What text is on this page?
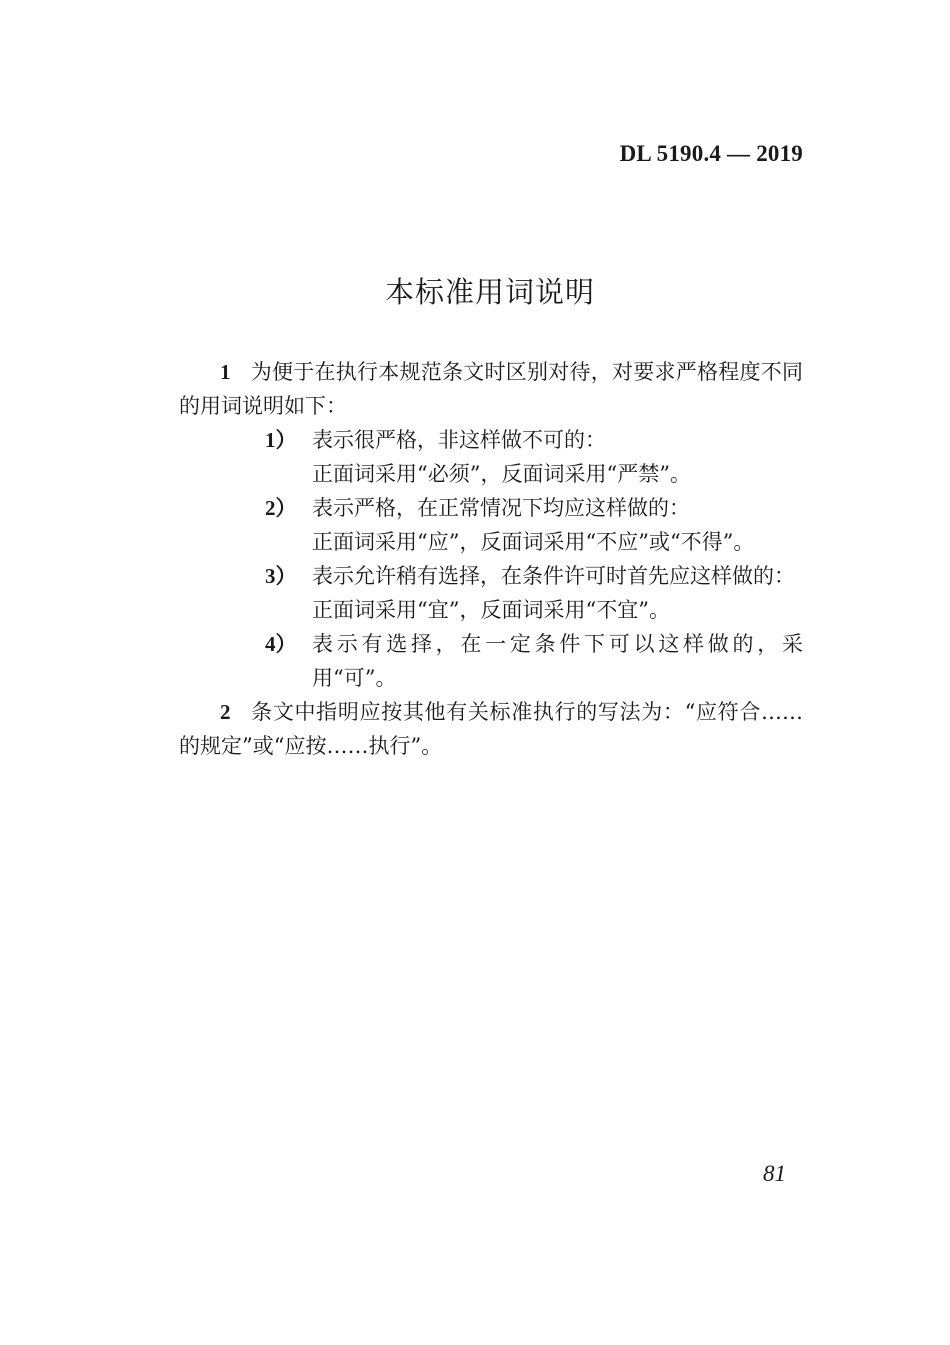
DL 5190.4 — 2019
本标准用词说明
1 为便于在执行本规范条文时区别对待，对要求严格程度不同的用词说明如下：
1） 表示很严格，非这样做不可的：
正面词采用“必须”，反面词采用“严禁”。
2） 表示严格，在正常情况下均应这样做的：
正面词采用“应”，反面词采用“不应”或“不得”。
3） 表示允许稍有选择，在条件许可时首先应这样做的：
正面词采用“宜”，反面词采用“不宜”。
4） 表示有选择，在一定条件下可以这样做的，采用“可”。
2 条文中指明应按其他有关标准执行的写法为：“应符合……的规定”或“应按……执行”。
81
